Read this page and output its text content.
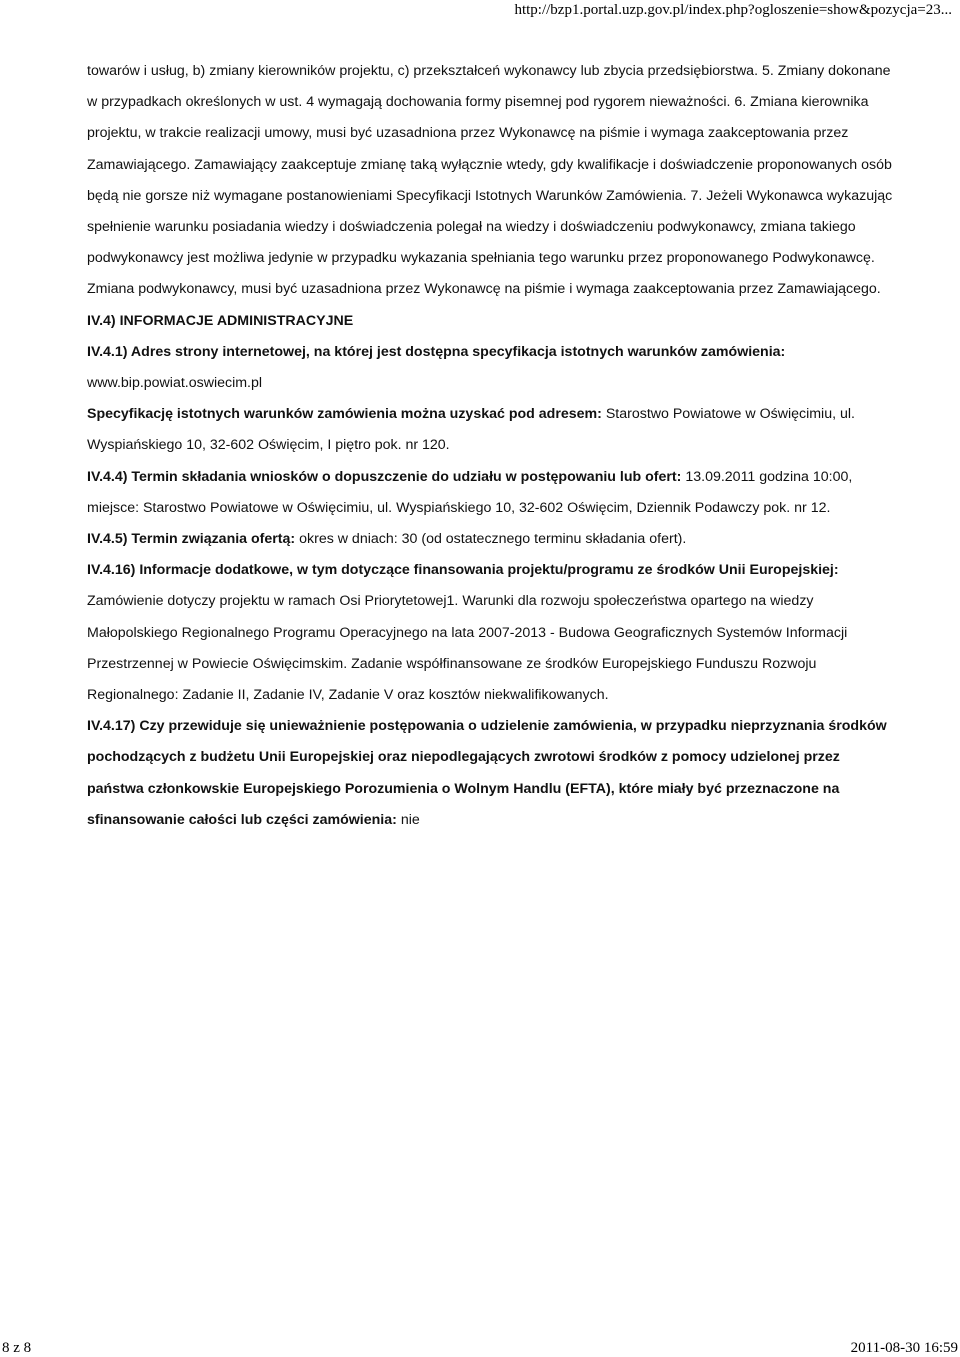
http://bzp1.portal.uzp.gov.pl/index.php?ogloszenie=show&pozycja=23...

towarów i usług, b) zmiany kierowników projektu, c) przekształceń wykonawcy lub zbycia przedsiębiorstwa. 5. Zmiany dokonane w przypadkach określonych w ust. 4 wymagają dochowania formy pisemnej pod rygorem nieważności. 6. Zmiana kierownika projektu, w trakcie realizacji umowy, musi być uzasadniona przez Wykonawcę na piśmie i wymaga zaakceptowania przez Zamawiającego. Zamawiający zaakceptuje zmianę taką wyłącznie wtedy, gdy kwalifikacje i doświadczenie proponowanych osób będą nie gorsze niż wymagane postanowieniami Specyfikacji Istotnych Warunków Zamówienia. 7. Jeżeli Wykonawca wykazując spełnienie warunku posiadania wiedzy i doświadczenia polegał na wiedzy i doświadczeniu podwykonawcy, zmiana takiego podwykonawcy jest możliwa jedynie w przypadku wykazania spełniania tego warunku przez proponowanego Podwykonawcę. Zmiana podwykonawcy, musi być uzasadniona przez Wykonawcę na piśmie i wymaga zaakceptowania przez Zamawiającego.

IV.4) INFORMACJE ADMINISTRACYJNE

IV.4.1) Adres strony internetowej, na której jest dostępna specyfikacja istotnych warunków zamówienia: www.bip.powiat.oswiecim.pl

Specyfikację istotnych warunków zamówienia można uzyskać pod adresem: Starostwo Powiatowe w Oświęcimiu, ul. Wyspiańskiego 10, 32-602 Oświęcim, I piętro pok. nr 120.

IV.4.4) Termin składania wniosków o dopuszczenie do udziału w postępowaniu lub ofert: 13.09.2011 godzina 10:00, miejsce: Starostwo Powiatowe w Oświęcimiu, ul. Wyspiańskiego 10, 32-602 Oświęcim, Dziennik Podawczy pok. nr 12.

IV.4.5) Termin związania ofertą: okres w dniach: 30 (od ostatecznego terminu składania ofert).

IV.4.16) Informacje dodatkowe, w tym dotyczące finansowania projektu/programu ze środków Unii Europejskiej: Zamówienie dotyczy projektu w ramach Osi Priorytetowej1. Warunki dla rozwoju społeczeństwa opartego na wiedzy Małopolskiego Regionalnego Programu Operacyjnego na lata 2007-2013 - Budowa Geograficznych Systemów Informacji Przestrzennej w Powiecie Oświęcimskim. Zadanie współfinansowane ze środków Europejskiego Funduszu Rozwoju Regionalnego: Zadanie II, Zadanie IV, Zadanie V oraz kosztów niekwalifikowanych.

IV.4.17) Czy przewiduje się unieważnienie postępowania o udzielenie zamówienia, w przypadku nieprzyznania środków pochodzących z budżetu Unii Europejskiej oraz niepodlegających zwrotowi środków z pomocy udzielonej przez państwa członkowskie Europejskiego Porozumienia o Wolnym Handlu (EFTA), które miały być przeznaczone na sfinansowanie całości lub części zamówienia: nie

8 z 8	2011-08-30 16:59
